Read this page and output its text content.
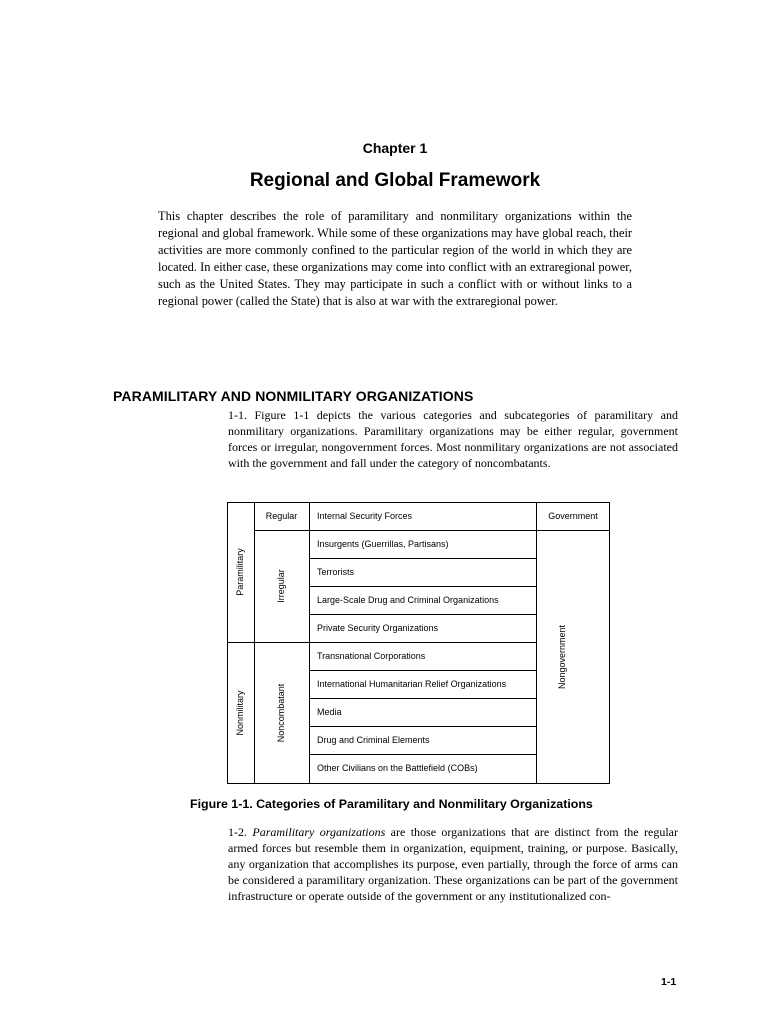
Chapter 1
Regional and Global Framework

This chapter describes the role of paramilitary and nonmilitary organizations within the regional and global framework. While some of these organizations may have global reach, their activities are more commonly confined to the particular region of the world in which they are located. In either case, these organizations may come into conflict with an extraregional power, such as the United States. They may participate in such a conflict with or without links to a regional power (called the State) that is also at war with the extraregional power.

PARAMILITARY AND NONMILITARY ORGANIZATIONS

1-1. Figure 1-1 depicts the various categories and subcategories of paramilitary and nonmilitary organizations. Paramilitary organizations may be either regular, government forces or irregular, nongovernment forces. Most nonmilitary organizations are not associated with the government and fall under the category of noncombatants.

Paramilitary
Nonmilitary
Regular
Irregular
Noncombatant
Government
Nongovernment
Internal Security Forces
Insurgents (Guerrillas, Partisans)
Terrorists
Large-Scale Drug and Criminal Organizations
Private Security Organizations
Transnational Corporations
International Humanitarian Relief Organizations
Media
Drug and Criminal Elements
Other Civilians on the Battlefield (COBs)
Figure 1-1. Categories of Paramilitary and Nonmilitary Organizations

1-2. Paramilitary organizations are those organizations that are distinct from the regular armed forces but resemble them in organization, equipment, training, or purpose. Basically, any organization that accomplishes its purpose, even partially, through the force of arms can be considered a paramilitary organization. These organizations can be part of the government infrastructure or operate outside of the government or any institutionalized con-

1-1
